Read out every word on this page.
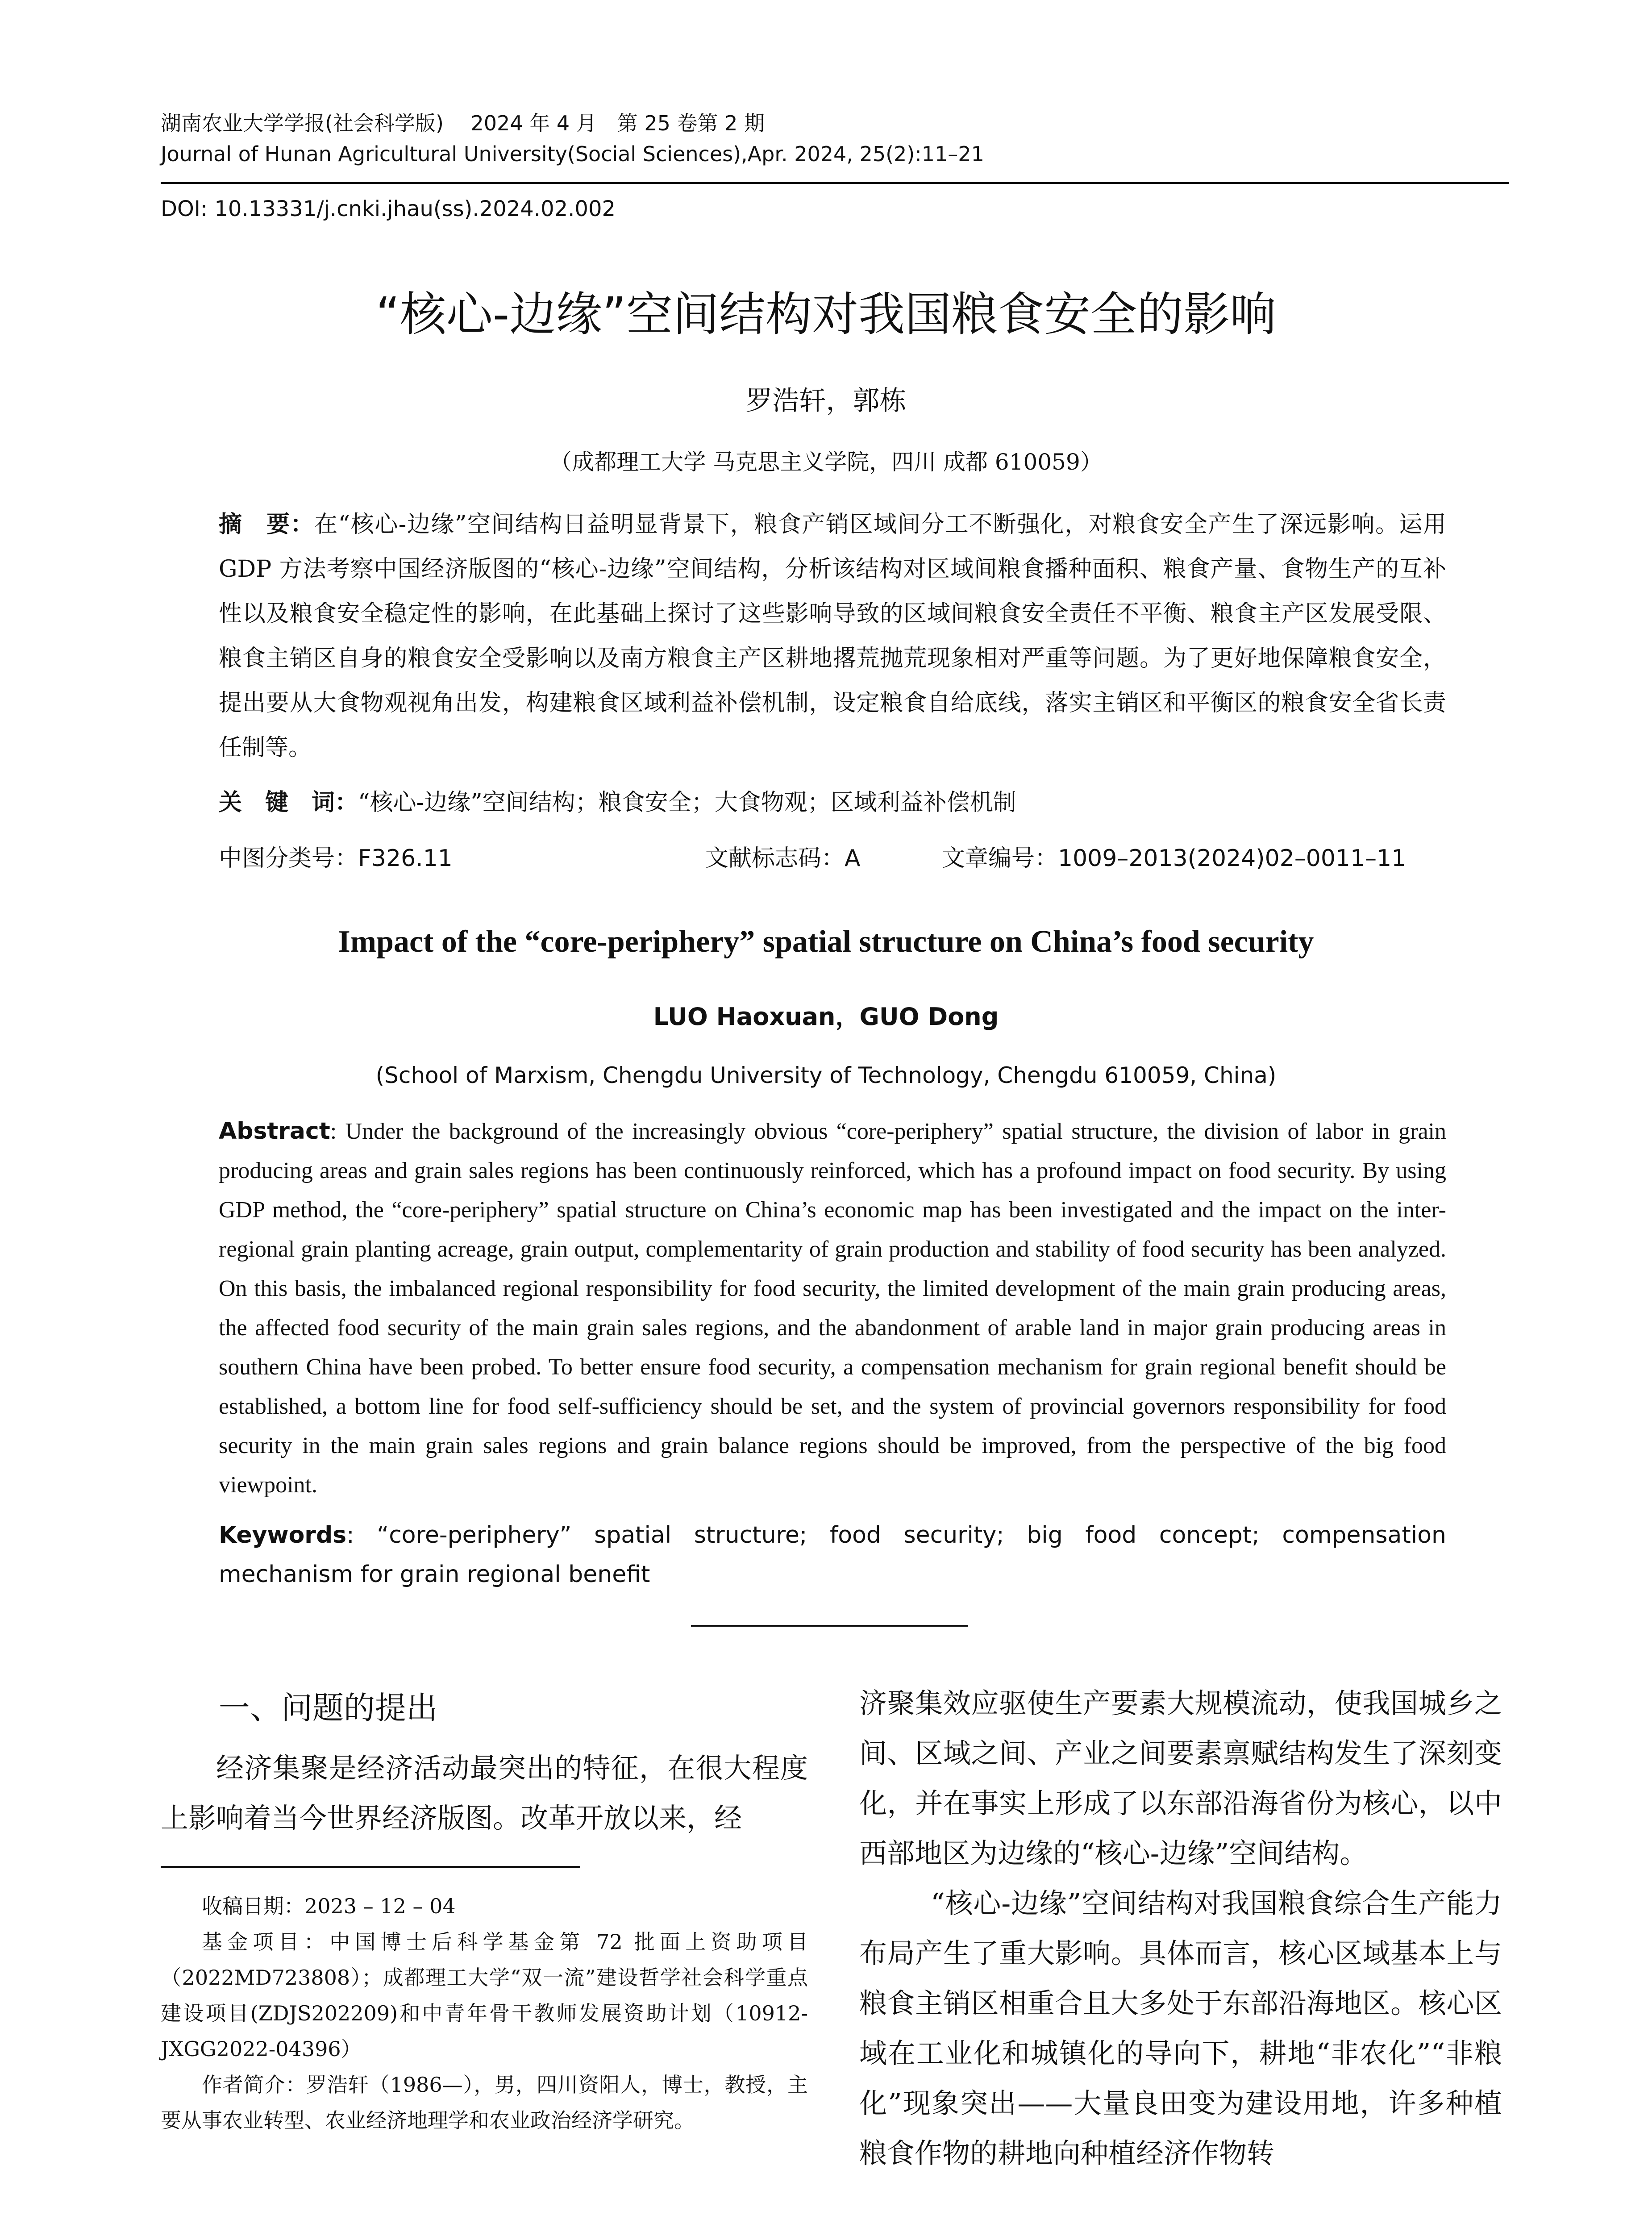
湖南农业大学学报(社会科学版)　 2024 年 4 月　第 25 卷第 2 期
Journal of Hunan Agricultural University(Social Sciences),Apr. 2024, 25(2):11–21
DOI: 10.13331/j.cnki.jhau(ss).2024.02.002
“核心-边缘”空间结构对我国粮食安全的影响
罗浩轩，郭栋
（成都理工大学 马克思主义学院，四川 成都 610059）
摘　要：在“核心-边缘”空间结构日益明显背景下，粮食产销区域间分工不断强化，对粮食安全产生了深远影响。运用 GDP 方法考察中国经济版图的“核心-边缘”空间结构，分析该结构对区域间粮食播种面积、粮食产量、食物生产的互补性以及粮食安全稳定性的影响，在此基础上探讨了这些影响导致的区域间粮食安全责任不平衡、粮食主产区发展受限、粮食主销区自身的粮食安全受影响以及南方粮食主产区耕地撂荒抛荒现象相对严重等问题。为了更好地保障粮食安全，提出要从大食物观视角出发，构建粮食区域利益补偿机制，设定粮食自给底线，落实主销区和平衡区的粮食安全省长责任制等。
关　键　词：“核心-边缘”空间结构；粮食安全；大食物观；区域利益补偿机制
中图分类号：F326.11	文献标志码：A	文章编号：1009–2013(2024)02–0011–11
Impact of the “core-periphery” spatial structure on China’s food security
LUO Haoxuan，GUO Dong
(School of Marxism, Chengdu University of Technology, Chengdu 610059, China)
Abstract: Under the background of the increasingly obvious “core-periphery” spatial structure, the division of labor in grain producing areas and grain sales regions has been continuously reinforced, which has a profound impact on food security. By using GDP method, the “core-periphery” spatial structure on China’s economic map has been investigated and the impact on the inter-regional grain planting acreage, grain output, complementarity of grain production and stability of food security has been analyzed. On this basis, the imbalanced regional responsibility for food security, the limited development of the main grain producing areas, the affected food security of the main grain sales regions, and the abandonment of arable land in major grain producing areas in southern China have been probed. To better ensure food security, a compensation mechanism for grain regional benefit should be established, a bottom line for food self-sufficiency should be set, and the system of provincial governors responsibility for food security in the main grain sales regions and grain balance regions should be improved, from the perspective of the big food viewpoint.
Keywords: “core-periphery” spatial structure; food security; big food concept; compensation mechanism for grain regional benefit
一、问题的提出
经济集聚是经济活动最突出的特征，在很大程度上影响着当今世界经济版图。改革开放以来，经

收稿日期：2023 – 12 – 04

基金项目：中国博士后科学基金第 72 批面上资助项目（2022MD723808）；成都理工大学“双一流”建设哲学社会科学重点建设项目(ZDJS202209)和中青年骨干教师发展资助计划（10912-JXGG2022-04396）

作者简介：罗浩轩（1986—），男，四川资阳人，博士，教授，主要从事农业转型、农业经济地理学和农业政治经济学研究。

济聚集效应驱使生产要素大规模流动，使我国城乡之间、区域之间、产业之间要素禀赋结构发生了深刻变化，并在事实上形成了以东部沿海省份为核心，以中西部地区为边缘的“核心-边缘”空间结构。

“核心-边缘”空间结构对我国粮食综合生产能力布局产生了重大影响。具体而言，核心区域基本上与粮食主销区相重合且大多处于东部沿海地区。核心区域在工业化和城镇化的导向下，耕地“非农化”“非粮化”现象突出——大量良田变为建设用地，许多种植粮食作物的耕地向种植经济作物转
